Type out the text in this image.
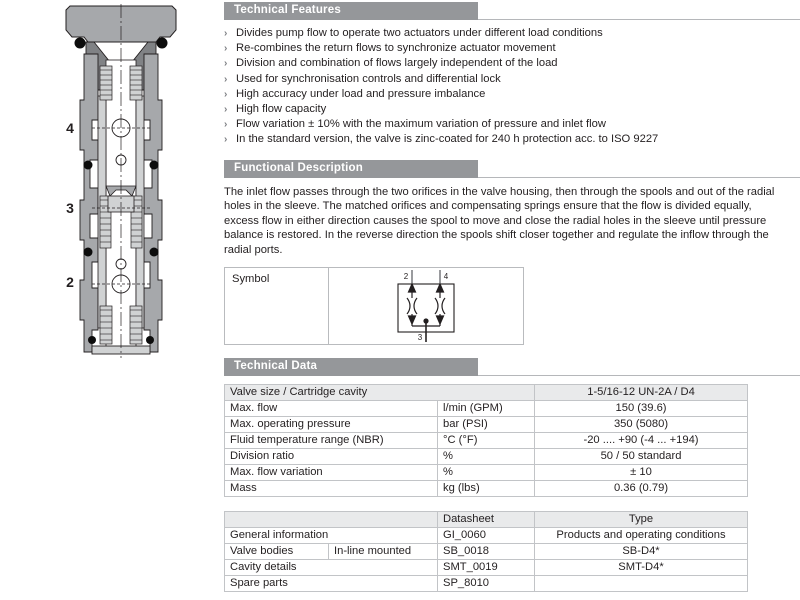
4
3
2
Technical Features
› Divides pump flow to operate two actuators under different load conditions
› Re-combines the return flows to synchronize actuator movement
› Division and combination of flows largely independent of the load
› Used for synchronisation controls and differential lock
› High accuracy under load and pressure imbalance
› High flow capacity
› Flow variation ± 10% with the maximum variation of pressure and inlet flow
› In the standard version, the valve is zinc-coated for 240 h protection acc. to ISO 9227
Functional Description

The inlet flow passes through the two orifices in the valve housing, then through the spools and out of the radial holes in the sleeve. The matched orifices and compensating springs ensure that the flow is divided equally, excess flow in either direction causes the spool to move and close the radial holes in the sleeve until pressure balance is restored. In the reverse direction the spools shift closer together and regulate the inflow through the radial ports.

Symbol	2	4
3
Technical Data
Valve size / Cartridge cavity		1-5/16-12 UN-2A / D4
Max. flow	l/min (GPM)	150 (39.6)
Max. operating pressure	bar (PSI)	350 (5080)
Fluid temperature range (NBR)	°C (°F)	-20 .... +90 (-4 ... +194)
Division ratio	%	50 / 50 standard
Max. flow variation	%	± 10
Mass	kg (lbs)	0.36 (0.79)
		Datasheet	Type
General information		GI_0060	Products and operating conditions
Valve bodies	In-line mounted	SB_0018	SB-D4*
Cavity details		SMT_0019	SMT-D4*
Spare parts		SP_8010	
